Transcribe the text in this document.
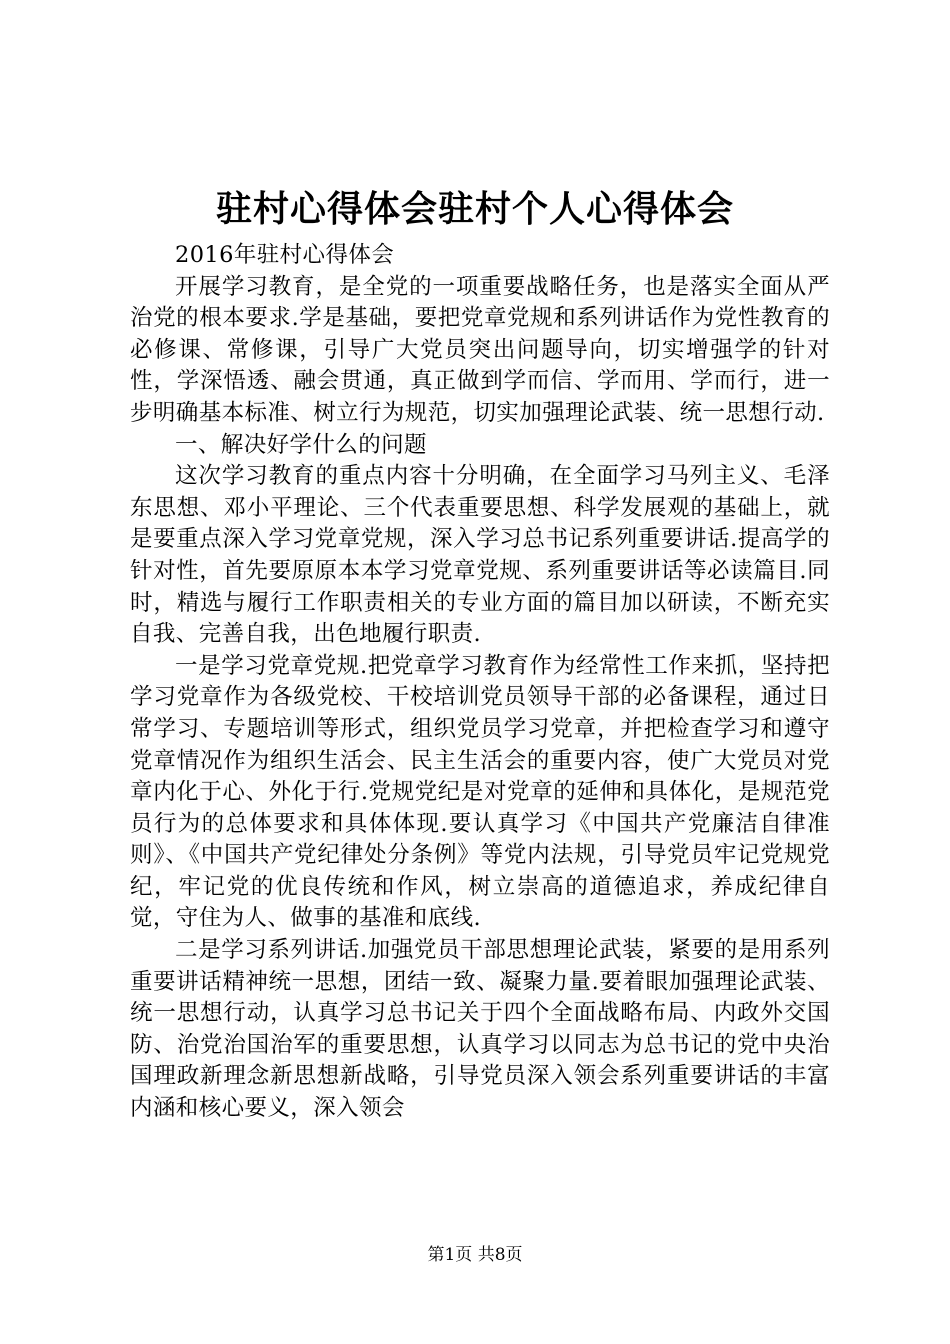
驻村心得体会驻村个人心得体会

2016年驻村心得体会

开展学习教育，是全党的一项重要战略任务，也是落实全面从严治党的根本要求.学是基础，要把党章党规和系列讲话作为党性教育的必修课、常修课，引导广大党员突出问题导向，切实增强学的针对性，学深悟透、融会贯通，真正做到学而信、学而用、学而行，进一步明确基本标准、树立行为规范，切实加强理论武装、统一思想行动.

一、解决好学什么的问题

这次学习教育的重点内容十分明确，在全面学习马列主义、毛泽东思想、邓小平理论、三个代表重要思想、科学发展观的基础上，就是要重点深入学习党章党规，深入学习总书记系列重要讲话.提高学的针对性，首先要原原本本学习党章党规、系列重要讲话等必读篇目.同时，精选与履行工作职责相关的专业方面的篇目加以研读，不断充实自我、完善自我，出色地履行职责.

一是学习党章党规.把党章学习教育作为经常性工作来抓，坚持把学习党章作为各级党校、干校培训党员领导干部的必备课程，通过日常学习、专题培训等形式，组织党员学习党章，并把检查学习和遵守党章情况作为组织生活会、民主生活会的重要内容，使广大党员对党章内化于心、外化于行.党规党纪是对党章的延伸和具体化，是规范党员行为的总体要求和具体体现.要认真学习《中国共产党廉洁自律准则》、《中国共产党纪律处分条例》等党内法规，引导党员牢记党规党纪，牢记党的优良传统和作风，树立崇高的道德追求，养成纪律自觉，守住为人、做事的基准和底线.

二是学习系列讲话.加强党员干部思想理论武装，紧要的是用系列重要讲话精神统一思想，团结一致、凝聚力量.要着眼加强理论武装、统一思想行动，认真学习总书记关于四个全面战略布局、内政外交国防、治党治国治军的重要思想，认真学习以同志为总书记的党中央治国理政新理念新思想新战略，引导党员深入领会系列重要讲话的丰富内涵和核心要义，深入领会

第1页 共8页
